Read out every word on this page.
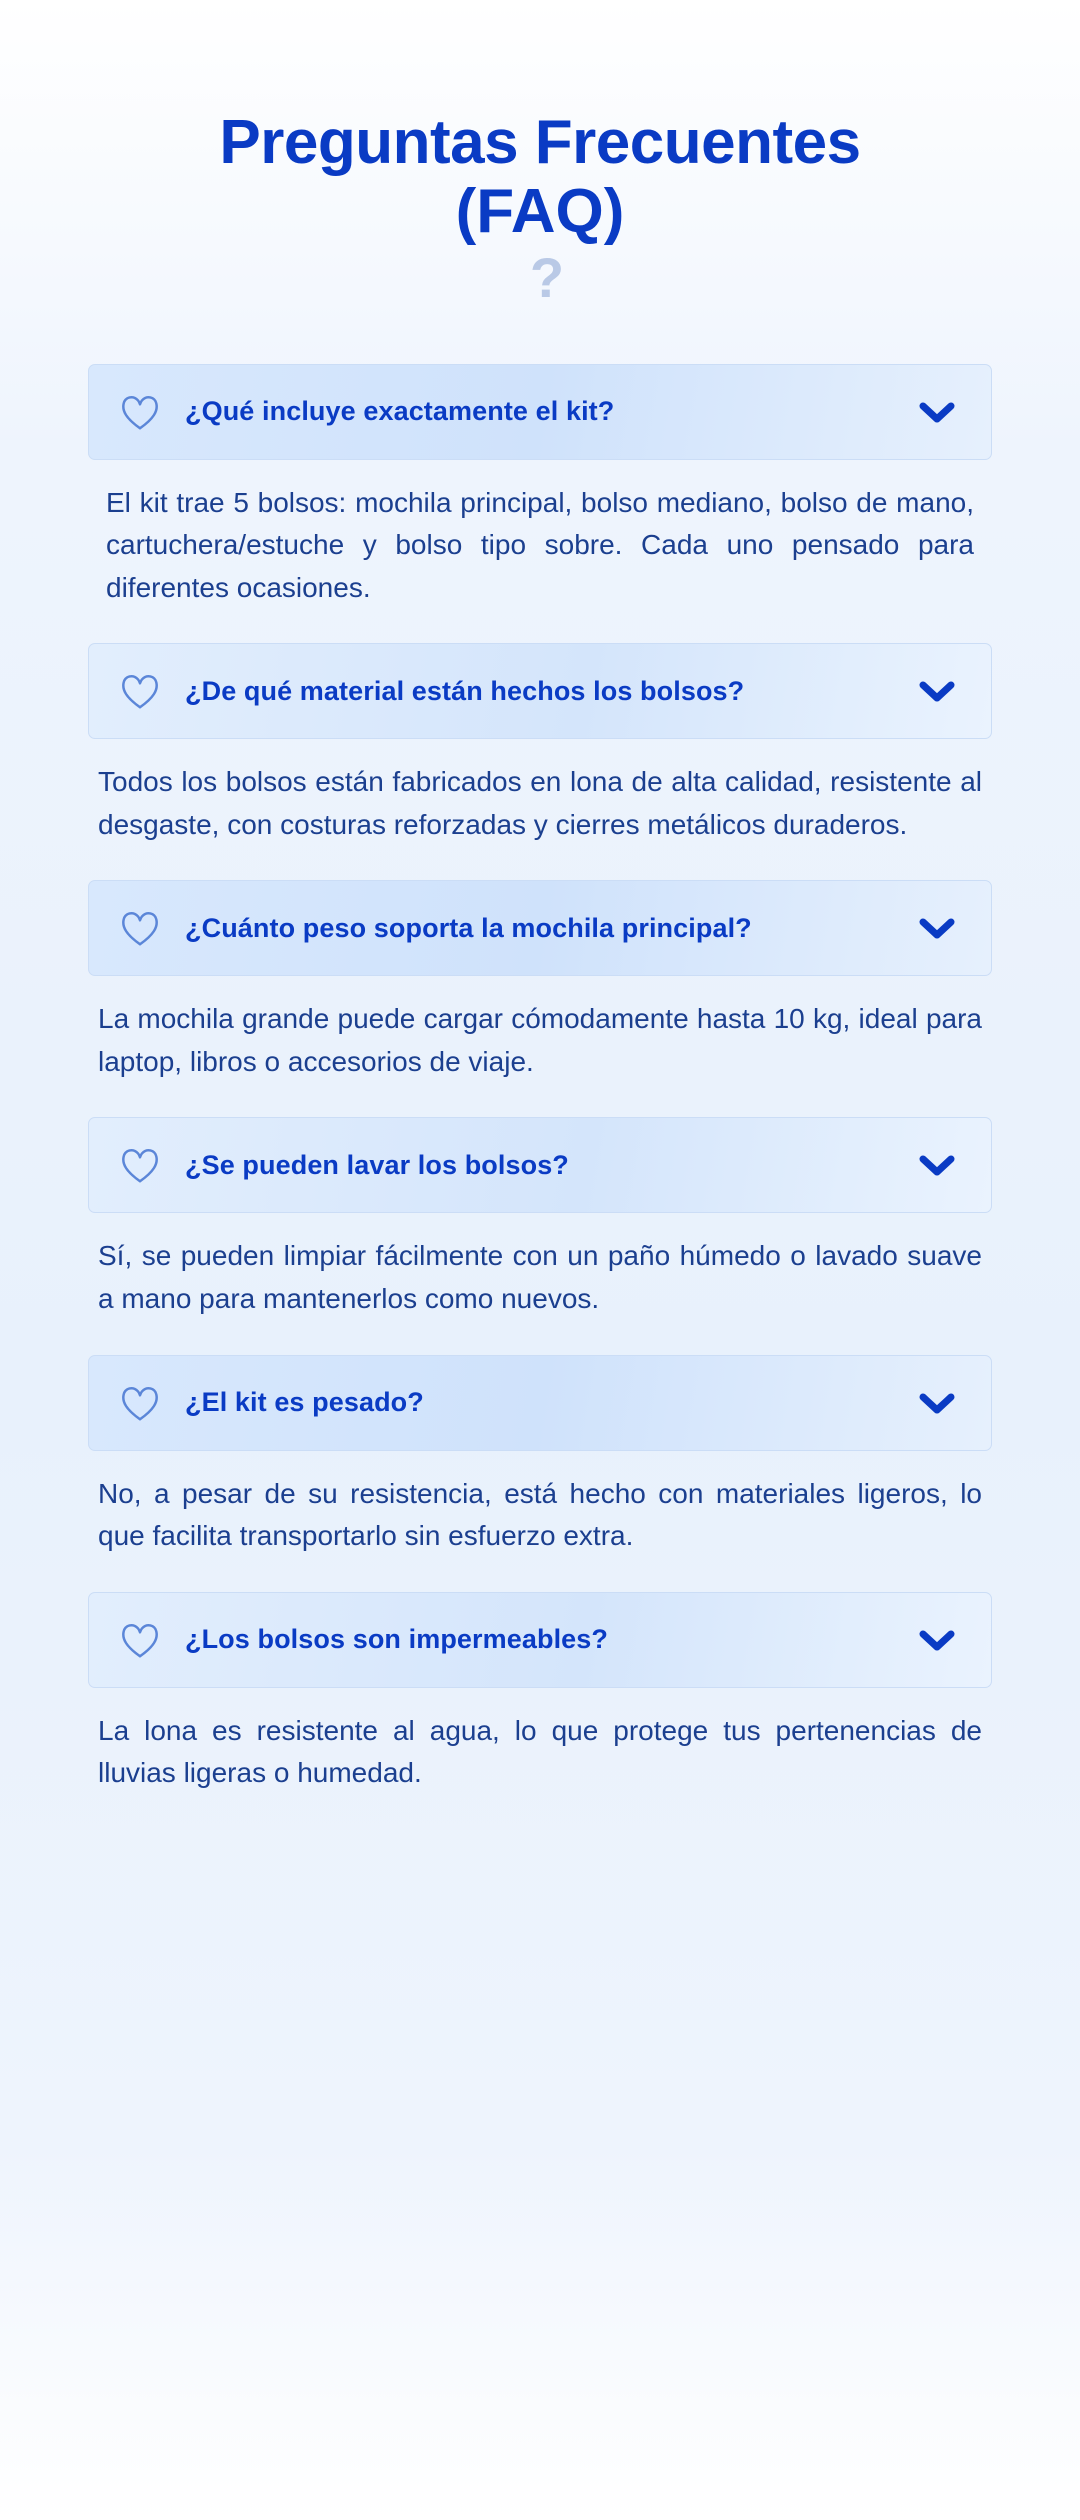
Preguntas Frecuentes
(FAQ)
?
¿Qué incluye exactamente el kit?
El kit trae 5 bolsos: mochila principal, bolso mediano, bolso de mano, cartuchera/estuche y bolso tipo sobre. Cada uno pensado para diferentes ocasiones.
¿De qué material están hechos los bolsos?
Todos los bolsos están fabricados en lona de alta calidad, resistente al desgaste, con costuras reforzadas y cierres metálicos duraderos.
¿Cuánto peso soporta la mochila principal?
La mochila grande puede cargar cómodamente hasta 10 kg, ideal para laptop, libros o accesorios de viaje.
¿Se pueden lavar los bolsos?
Sí, se pueden limpiar fácilmente con un paño húmedo o lavado suave a mano para mantenerlos como nuevos.
¿El kit es pesado?
No, a pesar de su resistencia, está hecho con materiales ligeros, lo que facilita transportarlo sin esfuerzo extra.
¿Los bolsos son impermeables?
La lona es resistente al agua, lo que protege tus pertenencias de lluvias ligeras o humedad.
